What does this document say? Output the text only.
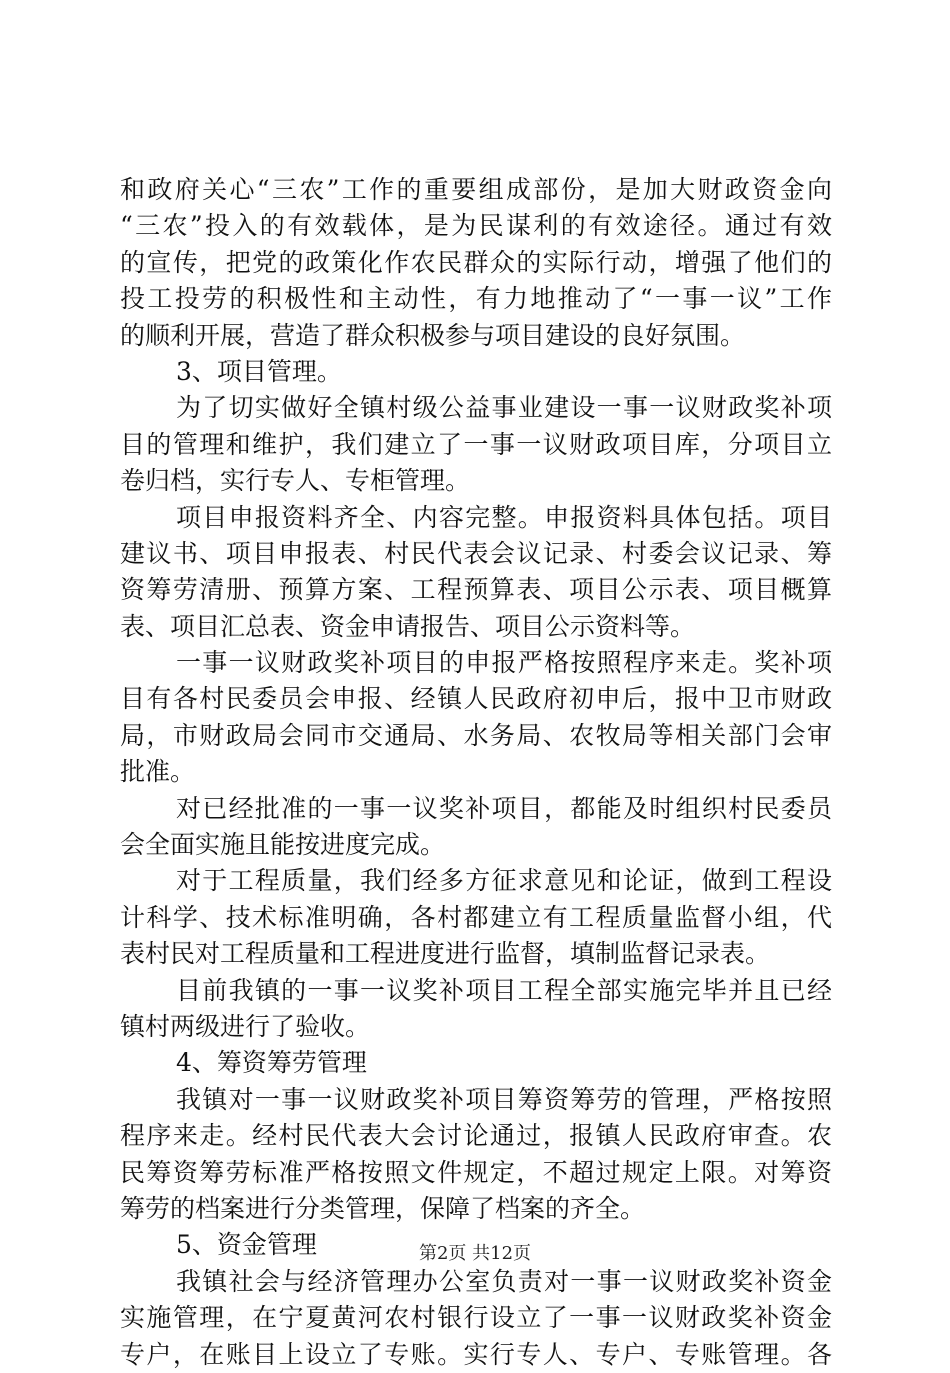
和政府关心“三农”工作的重要组成部份，是加大财政资金向
“三农”投入的有效载体，是为民谋利的有效途径。通过有效
的宣传，把党的政策化作农民群众的实际行动，增强了他们的
投工投劳的积极性和主动性，有力地推动了“一事一议”工作
的顺利开展，营造了群众积极参与项目建设的良好氛围。
3、项目管理。
为了切实做好全镇村级公益事业建设一事一议财政奖补项
目的管理和维护，我们建立了一事一议财政项目库，分项目立
卷归档，实行专人、专柜管理。
项目申报资料齐全、内容完整。申报资料具体包括。项目
建议书、项目申报表、村民代表会议记录、村委会议记录、筹
资筹劳清册、预算方案、工程预算表、项目公示表、项目概算
表、项目汇总表、资金申请报告、项目公示资料等。
一事一议财政奖补项目的申报严格按照程序来走。奖补项
目有各村民委员会申报、经镇人民政府初申后，报中卫市财政
局，市财政局会同市交通局、水务局、农牧局等相关部门会审
批准。
对已经批准的一事一议奖补项目，都能及时组织村民委员
会全面实施且能按进度完成。
对于工程质量，我们经多方征求意见和论证，做到工程设
计科学、技术标准明确，各村都建立有工程质量监督小组，代
表村民对工程质量和工程进度进行监督，填制监督记录表。
目前我镇的一事一议奖补项目工程全部实施完毕并且已经
镇村两级进行了验收。
4、筹资筹劳管理
我镇对一事一议财政奖补项目筹资筹劳的管理，严格按照
程序来走。经村民代表大会讨论通过，报镇人民政府审查。农
民筹资筹劳标准严格按照文件规定，不超过规定上限。对筹资
筹劳的档案进行分类管理，保障了档案的齐全。
5、资金管理
我镇社会与经济管理办公室负责对一事一议财政奖补资金
实施管理，在宁夏黄河农村银行设立了一事一议财政奖补资金
专户，在账目上设立了专账。实行专人、专户、专账管理。各
第2页 共12页
